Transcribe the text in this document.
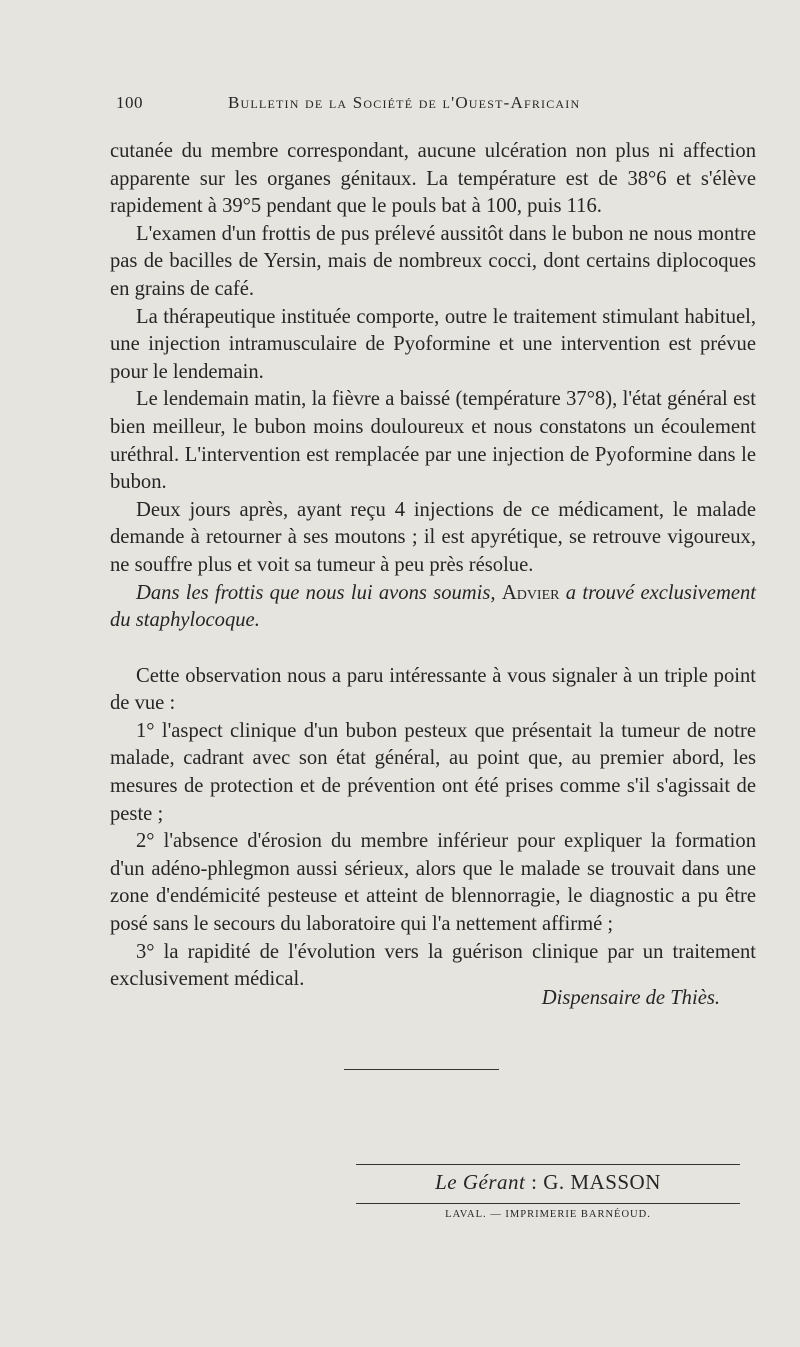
100	Bulletin de la Société de l'Ouest-Africain

cutanée du membre correspondant, aucune ulcération non plus ni affection apparente sur les organes génitaux. La température est de 38°6 et s'élève rapidement à 39°5 pendant que le pouls bat à 100, puis 116.

L'examen d'un frottis de pus prélevé aussitôt dans le bubon ne nous montre pas de bacilles de Yersin, mais de nombreux cocci, dont certains diplocoques en grains de café.

La thérapeutique instituée comporte, outre le traitement stimulant habituel, une injection intramusculaire de Pyoformine et une intervention est prévue pour le lendemain.

Le lendemain matin, la fièvre a baissé (température 37°8), l'état général est bien meilleur, le bubon moins douloureux et nous constatons un écoulement uréthral. L'intervention est remplacée par une injection de Pyoformine dans le bubon.

Deux jours après, ayant reçu 4 injections de ce médicament, le malade demande à retourner à ses moutons ; il est apyrétique, se retrouve vigoureux, ne souffre plus et voit sa tumeur à peu près résolue.

Dans les frottis que nous lui avons soumis, Advier a trouvé exclusivement du staphylocoque.

Cette observation nous a paru intéressante à vous signaler à un triple point de vue :

1° l'aspect clinique d'un bubon pesteux que présentait la tumeur de notre malade, cadrant avec son état général, au point que, au premier abord, les mesures de protection et de prévention ont été prises comme s'il s'agissait de peste ;

2° l'absence d'érosion du membre inférieur pour expliquer la formation d'un adéno-phlegmon aussi sérieux, alors que le malade se trouvait dans une zone d'endémicité pesteuse et atteint de blennorragie, le diagnostic a pu être posé sans le secours du laboratoire qui l'a nettement affirmé ;

3° la rapidité de l'évolution vers la guérison clinique par un traitement exclusivement médical.

Dispensaire de Thiès.
Le Gérant : G. MASSON
LAVAL. — IMPRIMERIE BARNÉOUD.
